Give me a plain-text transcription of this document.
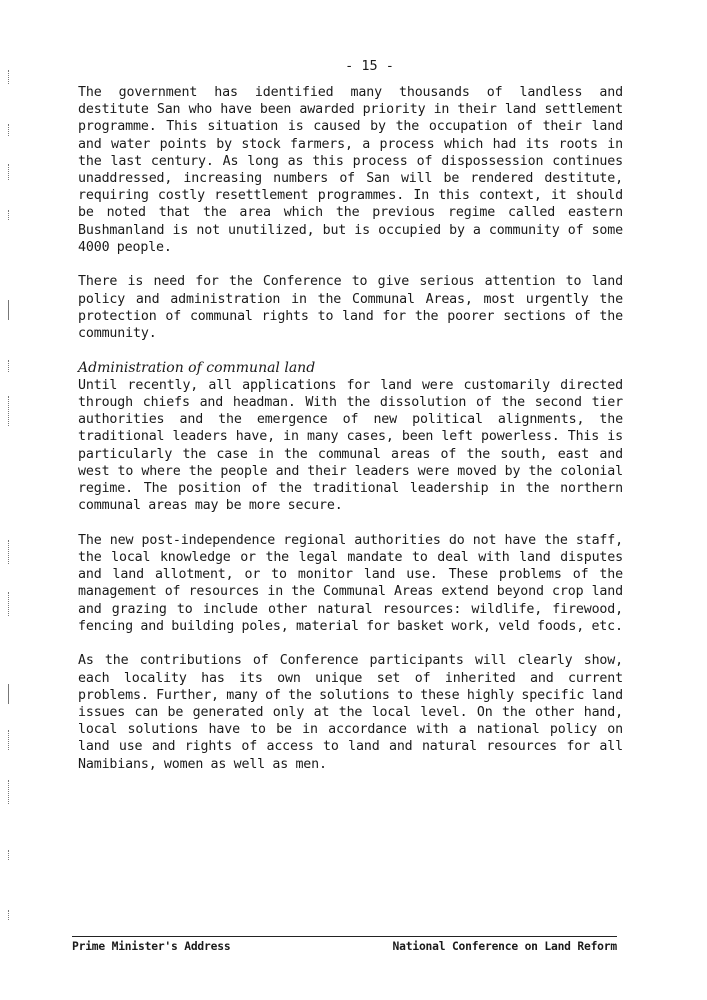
- 15 -

The government has identified many thousands of landless and destitute San who have been awarded priority in their land settlement programme. This situation is caused by the occupation of their land and water points by stock farmers, a process which had its roots in the last century. As long as this process of dispossession continues unaddressed, increasing numbers of San will be rendered destitute, requiring costly resettlement programmes. In this context, it should be noted that the area which the previous regime called eastern Bushmanland is not unutilized, but is occupied by a community of some 4000 people.

There is need for the Conference to give serious attention to land policy and administration in the Communal Areas, most urgently the protection of communal rights to land for the poorer sections of the community.

Administration of communal land

Until recently, all applications for land were customarily directed through chiefs and headman. With the dissolution of the second tier authorities and the emergence of new political alignments, the traditional leaders have, in many cases, been left powerless. This is particularly the case in the communal areas of the south, east and west to where the people and their leaders were moved by the colonial regime. The position of the traditional leadership in the northern communal areas may be more secure.

The new post-independence regional authorities do not have the staff, the local knowledge or the legal mandate to deal with land disputes and land allotment, or to monitor land use. These problems of the management of resources in the Communal Areas extend beyond crop land and grazing to include other natural resources: wildlife, firewood, fencing and building poles, material for basket work, veld foods, etc.

As the contributions of Conference participants will clearly show, each locality has its own unique set of inherited and current problems. Further, many of the solutions to these highly specific land issues can be generated only at the local level. On the other hand, local solutions have to be in accordance with a national policy on land use and rights of access to land and natural resources for all Namibians, women as well as men.

Prime Minister's Address	National Conference on Land Reform
